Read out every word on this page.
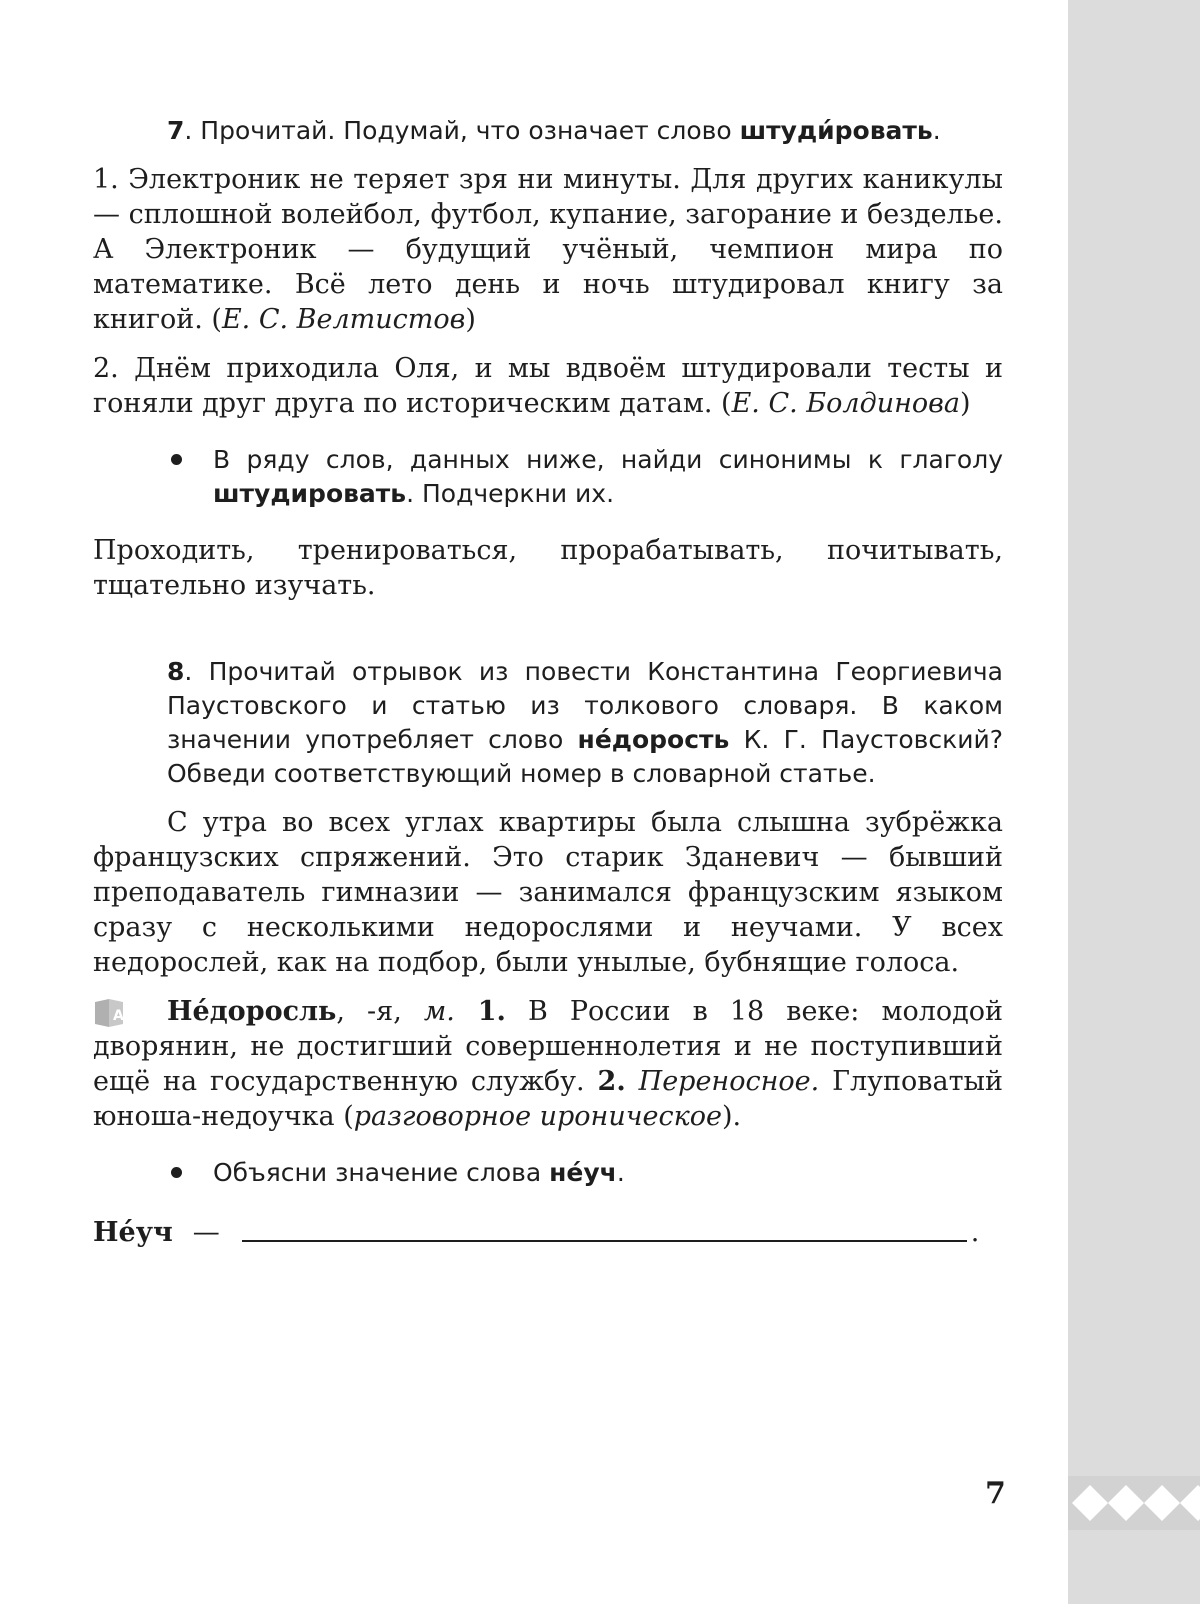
7. Прочитай. Подумай, что означает слово штуди́ровать.

1. Электроник не теряет зря ни минуты. Для других каникулы — сплошной волейбол, футбол, купание, загорание и безделье. А Электроник — будущий учёный, чемпион мира по математике. Всё лето день и ночь штудировал книгу за книгой. (Е. С. Велтистов)

2. Днём приходила Оля, и мы вдвоём штудировали тесты и гоняли друг друга по историческим датам. (Е. С. Болдинова)

В ряду слов, данных ниже, найди синонимы к глаголу штудировать. Подчеркни их.

Проходить, тренироваться, прорабатывать, почитывать, тщательно изучать.

8. Прочитай отрывок из повести Константина Георгиевича Паустовского и статью из толкового словаря. В каком значении употребляет слово не́дорость К. Г. Паустовский? Обведи соответствующий номер в словарной статье.

С утра во всех углах квартиры была слышна зубрёжка французских спряжений. Это старик Зданевич — бывший преподаватель гимназии — занимался французским языком сразу с несколькими недорослями и неучами. У всех недорослей, как на подбор, были унылые, бубнящие голоса.

A	Не́доросль, -я, м. 1. В России в 18 веке: молодой дворянин, не достигший совершеннолетия и не поступивший ещё на государственную службу. 2. Переносное. Глуповатый юноша-недоучка (разговорное ироническое).

Объясни значение слова не́уч.

Не́уч —	.
7
